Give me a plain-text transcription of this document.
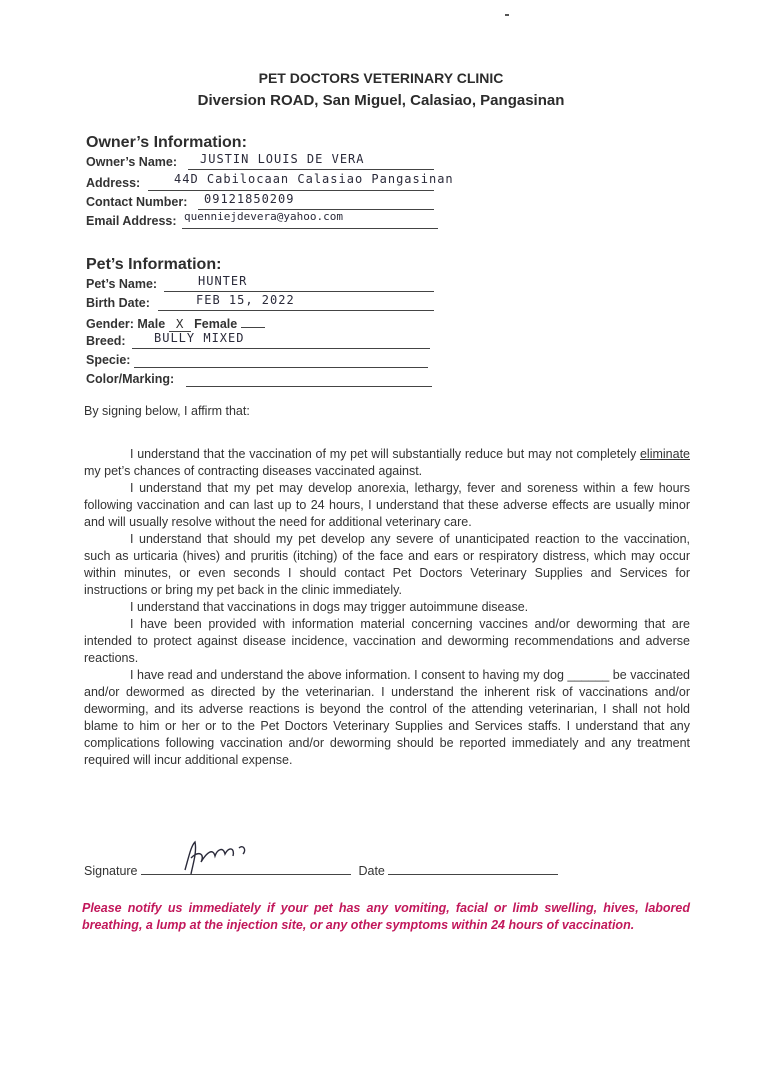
PET DOCTORS VETERINARY CLINIC
Diversion ROAD, San Miguel, Calasiao, Pangasinan
Owner’s Information:
Owner’s Name: JUSTIN LOUIS DE VERA
Address:	44D Cabilocaan Calasiao Pangasinan
Contact Number: 09121850209
Email Address: quenniejdevera@yahoo.com
Pet’s Information:
Pet’s Name:	HUNTER
Birth Date:	FEB 15, 2022
Gender: Male X Female
Breed: BULLY MIXED
Specie:
Color/Marking:
By signing below, I affirm that:

I understand that the vaccination of my pet will substantially reduce but may not completely eliminate my pet’s chances of contracting diseases vaccinated against.

I understand that my pet may develop anorexia, lethargy, fever and soreness within a few hours following vaccination and can last up to 24 hours, I understand that these adverse effects are usually minor and will usually resolve without the need for additional veterinary care.

I understand that should my pet develop any severe of unanticipated reaction to the vaccination, such as urticaria (hives) and pruritis (itching) of the face and ears or respiratory distress, which may occur within minutes, or even seconds I should contact Pet Doctors Veterinary Supplies and Services for instructions or bring my pet back in the clinic immediately.

I understand that vaccinations in dogs may trigger autoimmune disease.

I have been provided with information material concerning vaccines and/or deworming that are intended to protect against disease incidence, vaccination and deworming recommendations and adverse reactions.

I have read and understand the above information. I consent to having my dog ______ be vaccinated and/or dewormed as directed by the veterinarian. I understand the inherent risk of vaccinations and/or deworming, and its adverse reactions is beyond the control of the attending veterinarian, I shall not hold blame to him or her or to the Pet Doctors Veterinary Supplies and Services staffs. I understand that any complications following vaccination and/or deworming should be reported immediately and any treatment required will incur additional expense.

Signature	Date
Please notify us immediately if your pet has any vomiting, facial or limb swelling, hives, labored breathing, a lump at the injection site, or any other symptoms within 24 hours of vaccination.
